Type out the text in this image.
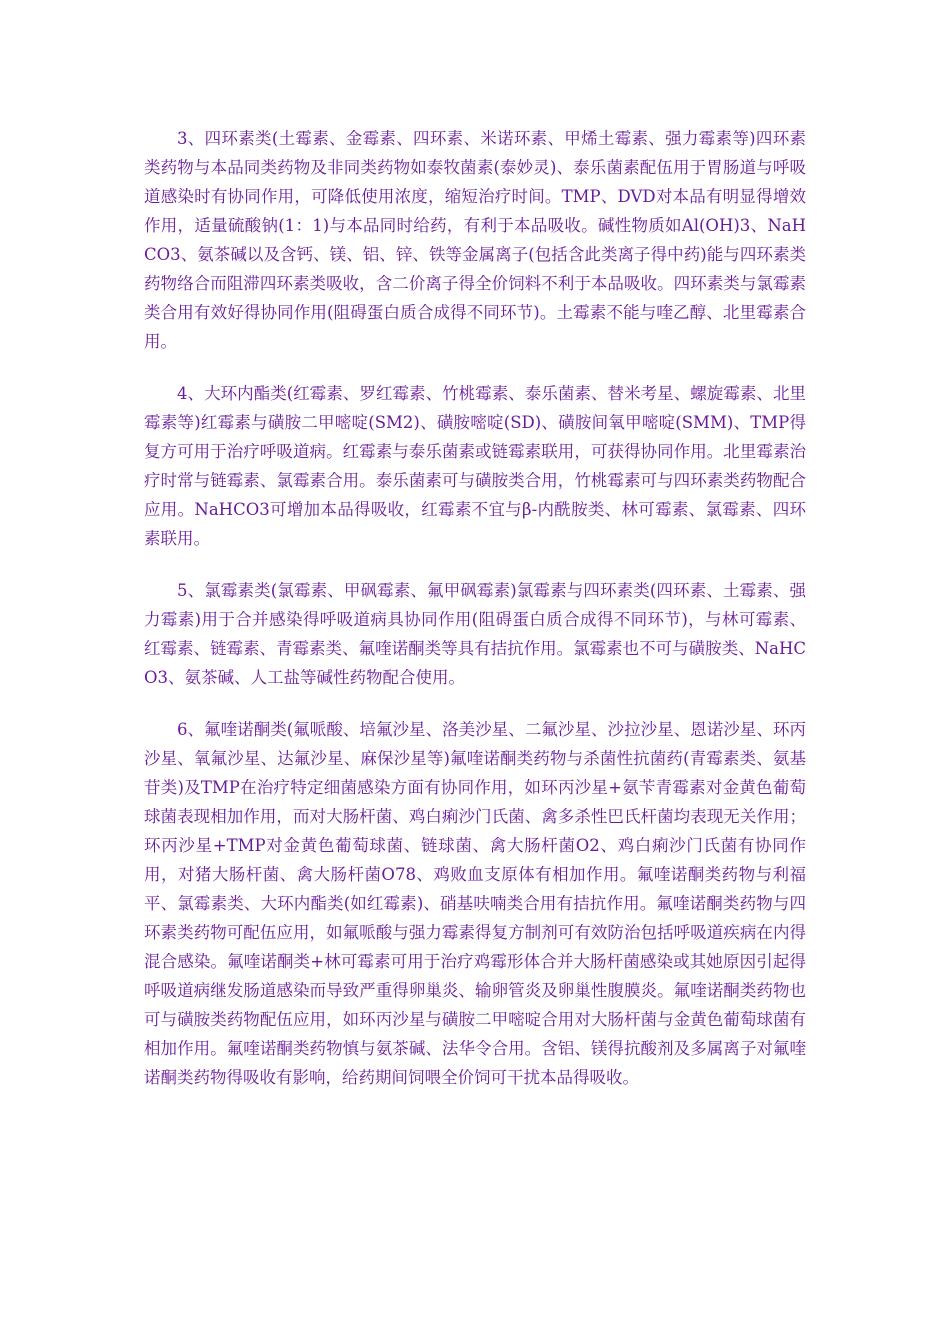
3、四环素类(土霉素、金霉素、四环素、米诺环素、甲烯土霉素、强力霉素等)四环素类药物与本品同类药物及非同类药物如泰牧菌素(泰妙灵)、泰乐菌素配伍用于胃肠道与呼吸道感染时有协同作用，可降低使用浓度，缩短治疗时间。TMP、DVD对本品有明显得增效作用，适量硫酸钠(1：1)与本品同时给药，有利于本品吸收。碱性物质如Al(OH)3、NaHCO3、氨茶碱以及含钙、镁、铝、锌、铁等金属离子(包括含此类离子得中药)能与四环素类药物络合而阻滞四环素类吸收，含二价离子得全价饲料不利于本品吸收。四环素类与氯霉素类合用有效好得协同作用(阻碍蛋白质合成得不同环节)。土霉素不能与喹乙醇、北里霉素合用。

4、大环内酯类(红霉素、罗红霉素、竹桃霉素、泰乐菌素、替米考星、螺旋霉素、北里霉素等)红霉素与磺胺二甲嘧啶(SM2)、磺胺嘧啶(SD)、磺胺间氧甲嘧啶(SMM)、TMP得复方可用于治疗呼吸道病。红霉素与泰乐菌素或链霉素联用，可获得协同作用。北里霉素治疗时常与链霉素、氯霉素合用。泰乐菌素可与磺胺类合用，竹桃霉素可与四环素类药物配合应用。NaHCO3可增加本品得吸收，红霉素不宜与β-内酰胺类、林可霉素、氯霉素、四环素联用。

5、氯霉素类(氯霉素、甲砜霉素、氟甲砜霉素)氯霉素与四环素类(四环素、土霉素、强力霉素)用于合并感染得呼吸道病具协同作用(阻碍蛋白质合成得不同环节)，与林可霉素、红霉素、链霉素、青霉素类、氟喹诺酮类等具有拮抗作用。氯霉素也不可与磺胺类、NaHCO3、氨茶碱、人工盐等碱性药物配合使用。

6、氟喹诺酮类(氟哌酸、培氟沙星、洛美沙星、二氟沙星、沙拉沙星、恩诺沙星、环丙沙星、氧氟沙星、达氟沙星、麻保沙星等)氟喹诺酮类药物与杀菌性抗菌药(青霉素类、氨基苷类)及TMP在治疗特定细菌感染方面有协同作用，如环丙沙星+氨苄青霉素对金黄色葡萄球菌表现相加作用，而对大肠杆菌、鸡白痢沙门氏菌、禽多杀性巴氏杆菌均表现无关作用；环丙沙星+TMP对金黄色葡萄球菌、链球菌、禽大肠杆菌O2、鸡白痢沙门氏菌有协同作用，对猪大肠杆菌、禽大肠杆菌O78、鸡败血支原体有相加作用。氟喹诺酮类药物与利福平、氯霉素类、大环内酯类(如红霉素)、硝基呋喃类合用有拮抗作用。氟喹诺酮类药物与四环素类药物可配伍应用，如氟哌酸与强力霉素得复方制剂可有效防治包括呼吸道疾病在内得混合感染。氟喹诺酮类+林可霉素可用于治疗鸡霉形体合并大肠杆菌感染或其她原因引起得呼吸道病继发肠道感染而导致严重得卵巢炎、输卵管炎及卵巢性腹膜炎。氟喹诺酮类药物也可与磺胺类药物配伍应用，如环丙沙星与磺胺二甲嘧啶合用对大肠杆菌与金黄色葡萄球菌有相加作用。氟喹诺酮类药物慎与氨茶碱、法华令合用。含铝、镁得抗酸剂及多属离子对氟喹诺酮类药物得吸收有影响，给药期间饲喂全价饲可干扰本品得吸收。
